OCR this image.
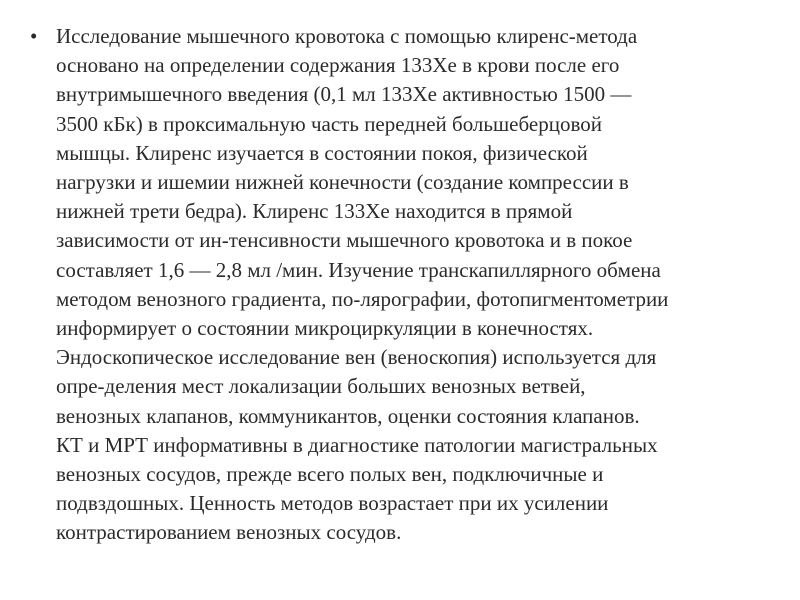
• Исследование мышечного кровотока с помощью клиренс-метода
основано на определении содержания 133Хе в крови после его
внутримышечного введения (0,1 мл 133Хе активностью 1500 —
3500 кБк) в проксимальную часть передней большеберцовой
мышцы. Клиренс изучается в состоянии покоя, физической
нагрузки и ишемии нижней конечности (создание компрессии в
нижней трети бедра). Клиренс 133Хе находится в прямой
зависимости от ин-тенсивности мышечного кровотока и в покое
составляет 1,6 — 2,8 мл /мин. Изучение транскапиллярного обмена
методом венозного градиента, по-лярографии, фотопигментометрии
информирует о состоянии микроциркуляции в конечностях.
Эндоскопическое исследование вен (веноскопия) используется для
опре-деления мест локализации больших венозных ветвей,
венозных клапанов, коммуникантов, оценки состояния клапанов.
КТ и МРТ информативны в диагностике патологии магистральных
венозных сосудов, прежде всего полых вен, подключичные и
подвздошных. Ценность методов возрастает при их усилении
контрастированием венозных сосудов.
